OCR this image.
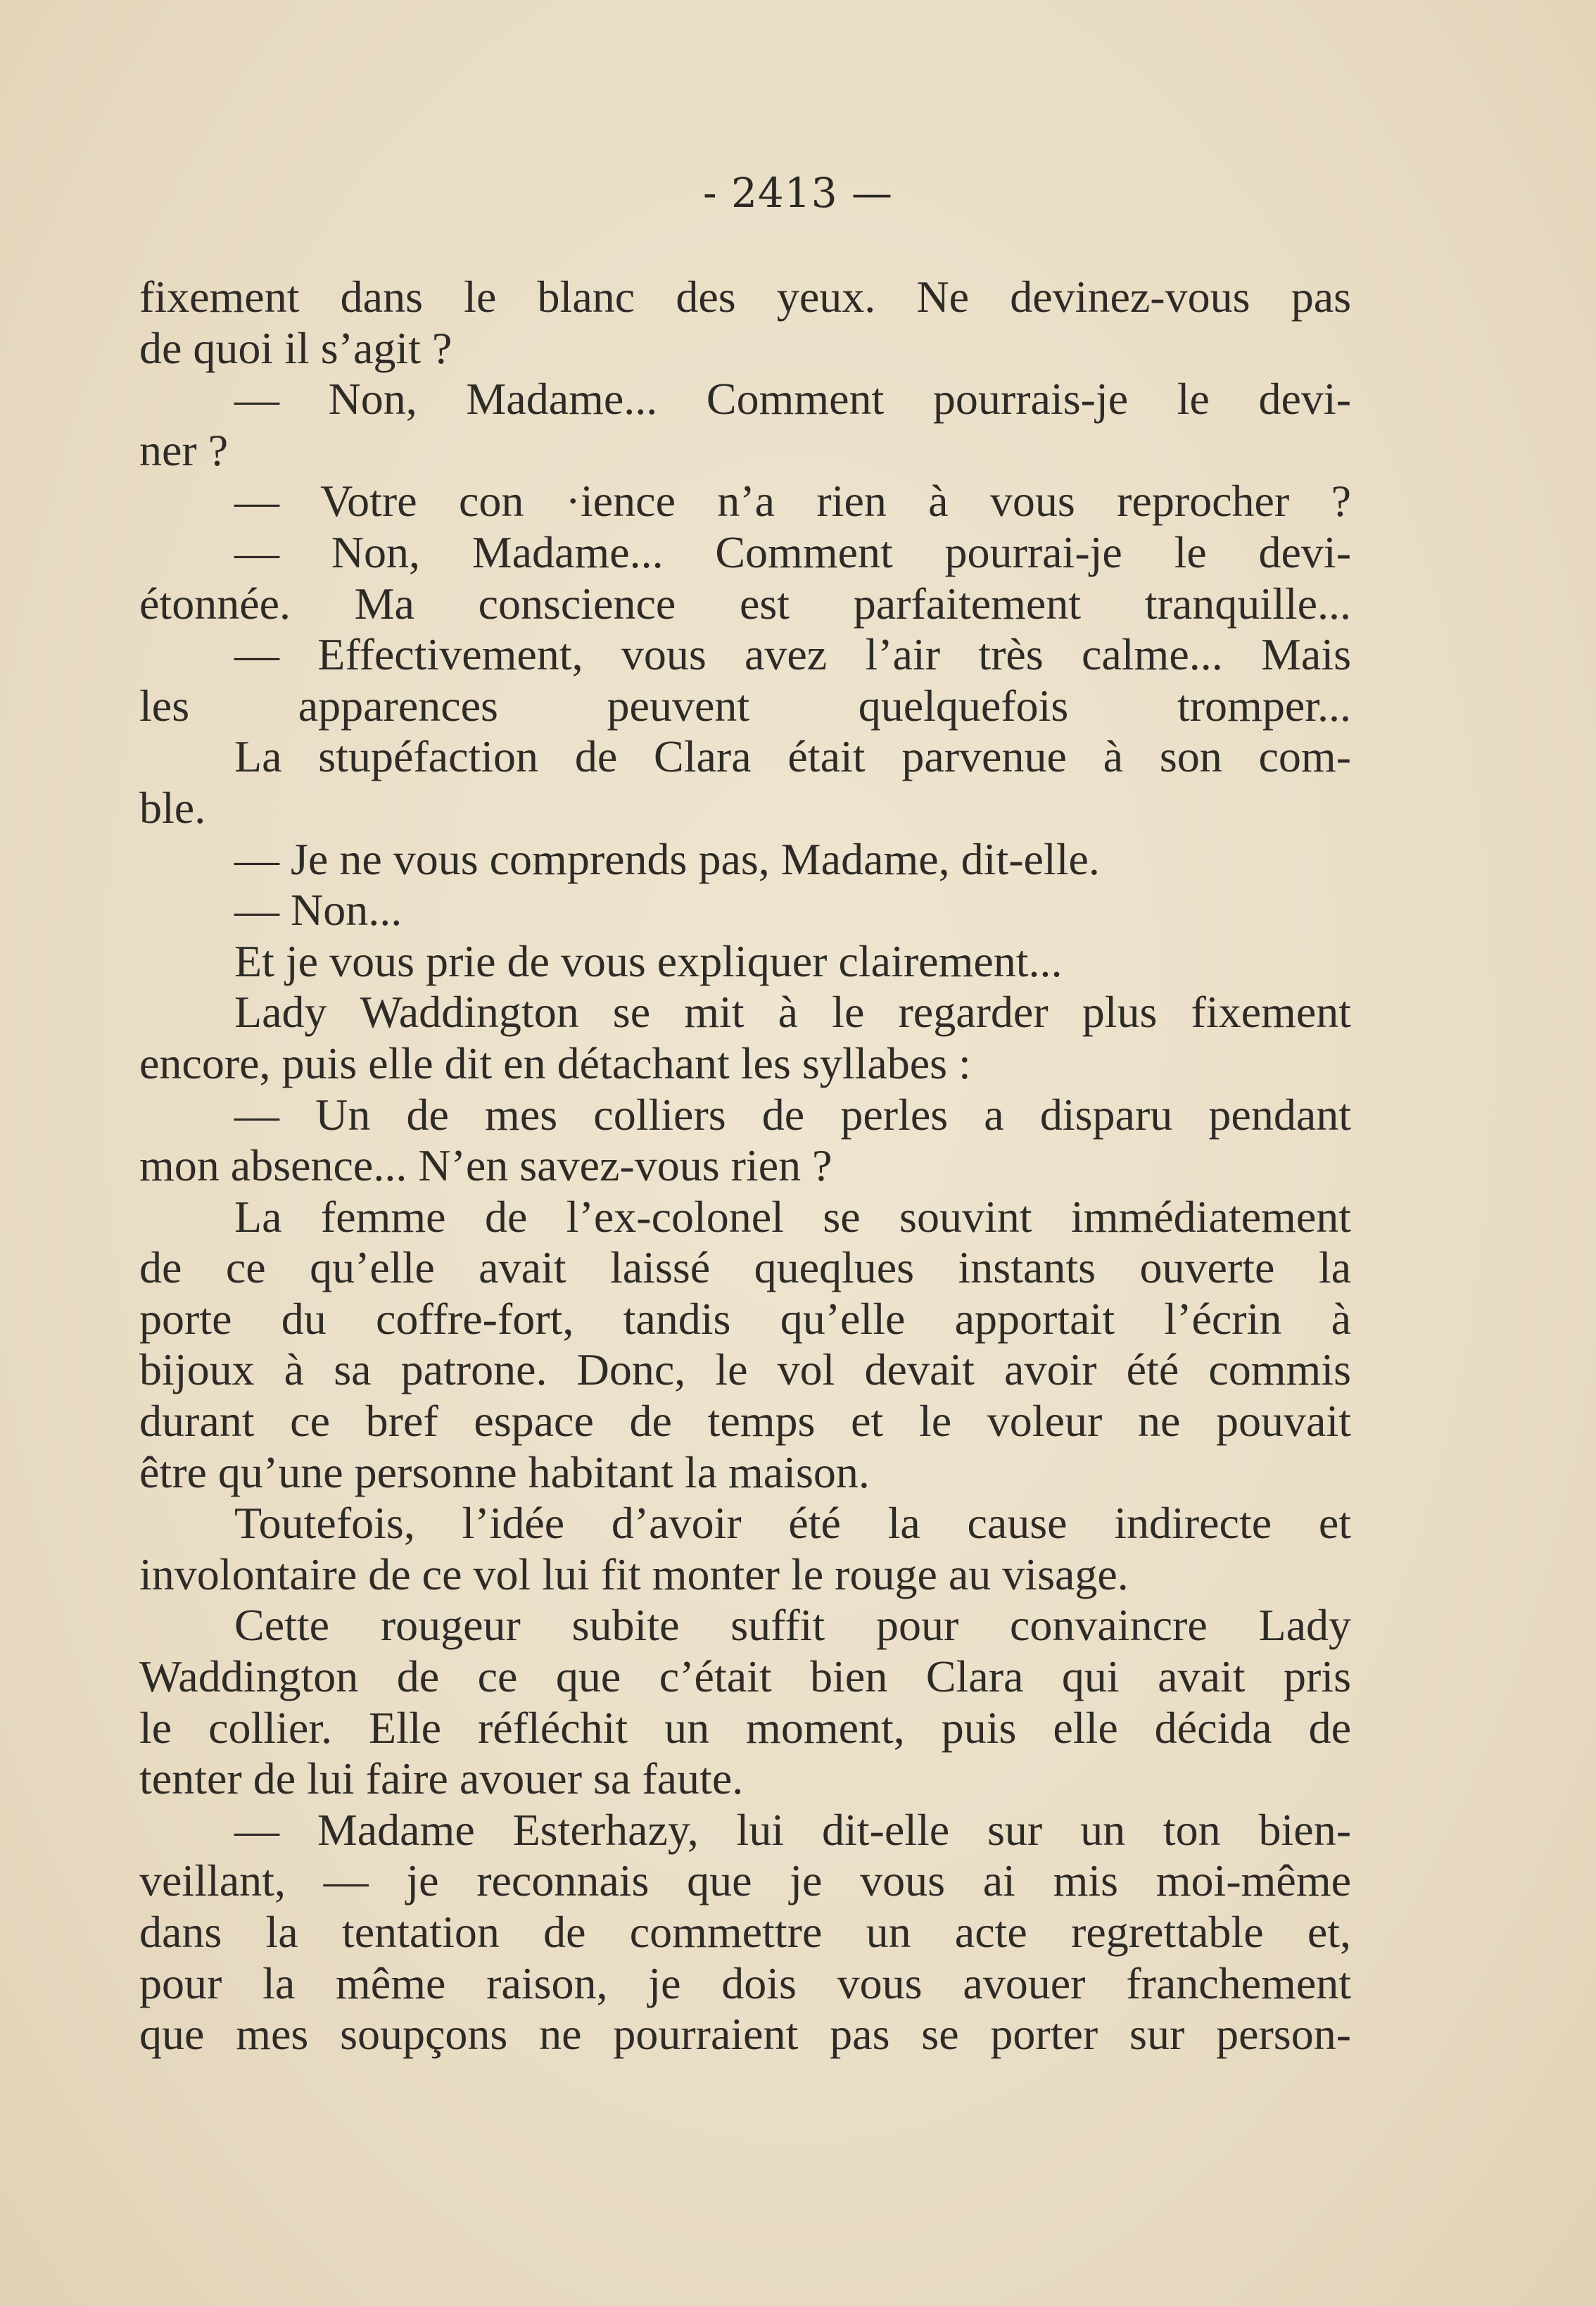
- 2413 —
fixement dans le blanc des yeux. Ne devinez-vous pas
de quoi il s’agit ?
— Non, Madame... Comment pourrais-je le devi-
ner ?
— Votre con ·ience n’a rien à vous reprocher ?
— Non, Madame... Comment pourrai-je le devi-
étonnée. Ma conscience est parfaitement tranquille...
— Effectivement, vous avez l’air très calme... Mais
les apparences peuvent quelquefois tromper...
La stupéfaction de Clara était parvenue à son com-
ble.
— Je ne vous comprends pas, Madame, dit-elle.
— Non...
Et je vous prie de vous expliquer clairement...
Lady Waddington se mit à le regarder plus fixement
encore, puis elle dit en détachant les syllabes :
— Un de mes colliers de perles a disparu pendant
mon absence... N’en savez-vous rien ?
La femme de l’ex-colonel se souvint immédiatement
de ce qu’elle avait laissé queqlues instants ouverte la
porte du coffre-fort, tandis qu’elle apportait l’écrin à
bijoux à sa patrone. Donc, le vol devait avoir été commis
durant ce bref espace de temps et le voleur ne pouvait
être qu’une personne habitant la maison.
Toutefois, l’idée d’avoir été la cause indirecte et
involontaire de ce vol lui fit monter le rouge au visage.
Cette rougeur subite suffit pour convaincre Lady
Waddington de ce que c’était bien Clara qui avait pris
le collier. Elle réfléchit un moment, puis elle décida de
tenter de lui faire avouer sa faute.
— Madame Esterhazy, lui dit-elle sur un ton bien-
veillant, — je reconnais que je vous ai mis moi-même
dans la tentation de commettre un acte regrettable et,
pour la même raison, je dois vous avouer franchement
que mes soupçons ne pourraient pas se porter sur person-
